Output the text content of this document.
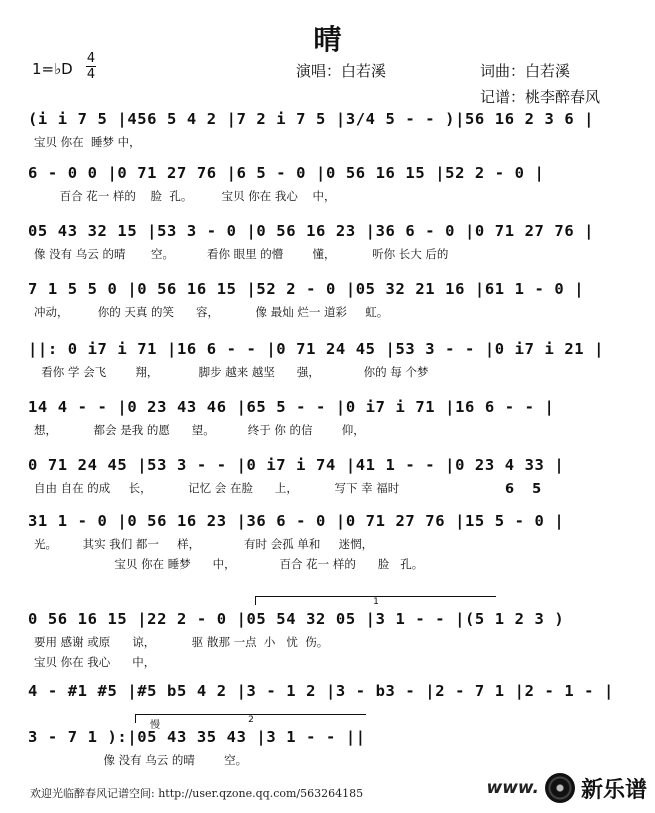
晴
1=♭D
4
4	演唱：白若溪	词曲：白若溪
记谱：桃李醉春风
(i i 7 5 |456 5 4 2 |7 2 i 7 5 |3/4 5 - - )|56 16 2 3 6 |
宝贝 你在  睡梦 中，
6 - 0 0 |0 71 27 76 |6 5 - 0 |0 56 16 15 |52 2 - 0 |
百合 花一 样的    脸  孔。        宝贝 你在 我心    中，
05 43 32 15 |53 3 - 0 |0 56 16 23 |36 6 - 0 |0 71 27 76 |
像 没有 乌云 的晴       空。         看你 眼里 的懵        懂，          听你 长大 后的
7 1 5 5 0 |0 56 16 15 |52 2 - 0 |05 32 21 16 |61 1 - 0 |
冲动，        你的 天真 的笑      容，          像 最灿 烂一 道彩     虹。
||: 0 i7 i 71 |16 6 - - |0 71 24 45 |53 3 - - |0 i7 i 21 |
看你 学 会飞        翔，           脚步 越来 越坚      强，            你的 每 个梦
14 4 - - |0 23 43 46 |65 5 - - |0 i7 i 71 |16 6 - - |
想，          都会 是我 的愿      望。         终于 你 的信        仰，
0 71 24 45 |53 3 - - |0 i7 i 74 |41 1 - - |0 23 4 33 |
自由 自在 的成     长，          记忆 会 在脸      上，          写下 幸 福时
31 1 - 0 |0 56 16 23 |36 6 - 0 |0 71 27 76 |15 5 - 0 |
光。       其实 我们 都一     样，            有时 会孤 单和     迷惘，
宝贝 你在 睡梦      中，            百合 花一 样的      脸   孔。
6    5
0 56 16 15 |22 2 - 0 |05 54 32 05 |3 1 - - |(5 1 2 3 )
要用 感谢 或原      谅，          驱 散那 一点  小   忧  伤。
宝贝 你在 我心      中，
1
4 - #1 #5 |#5 b5 4 2 |3 - 1 2 |3 - b3 - |2 - 7 1 |2 - 1 - |
3 - 7 1 ):|05 43 35 43 |3 1 - - ||
像 没有 乌云 的晴        空。
2
慢
欢迎光临醉春风记谱空间: http://user.qzone.qq.com/563264185	www. 新乐谱
